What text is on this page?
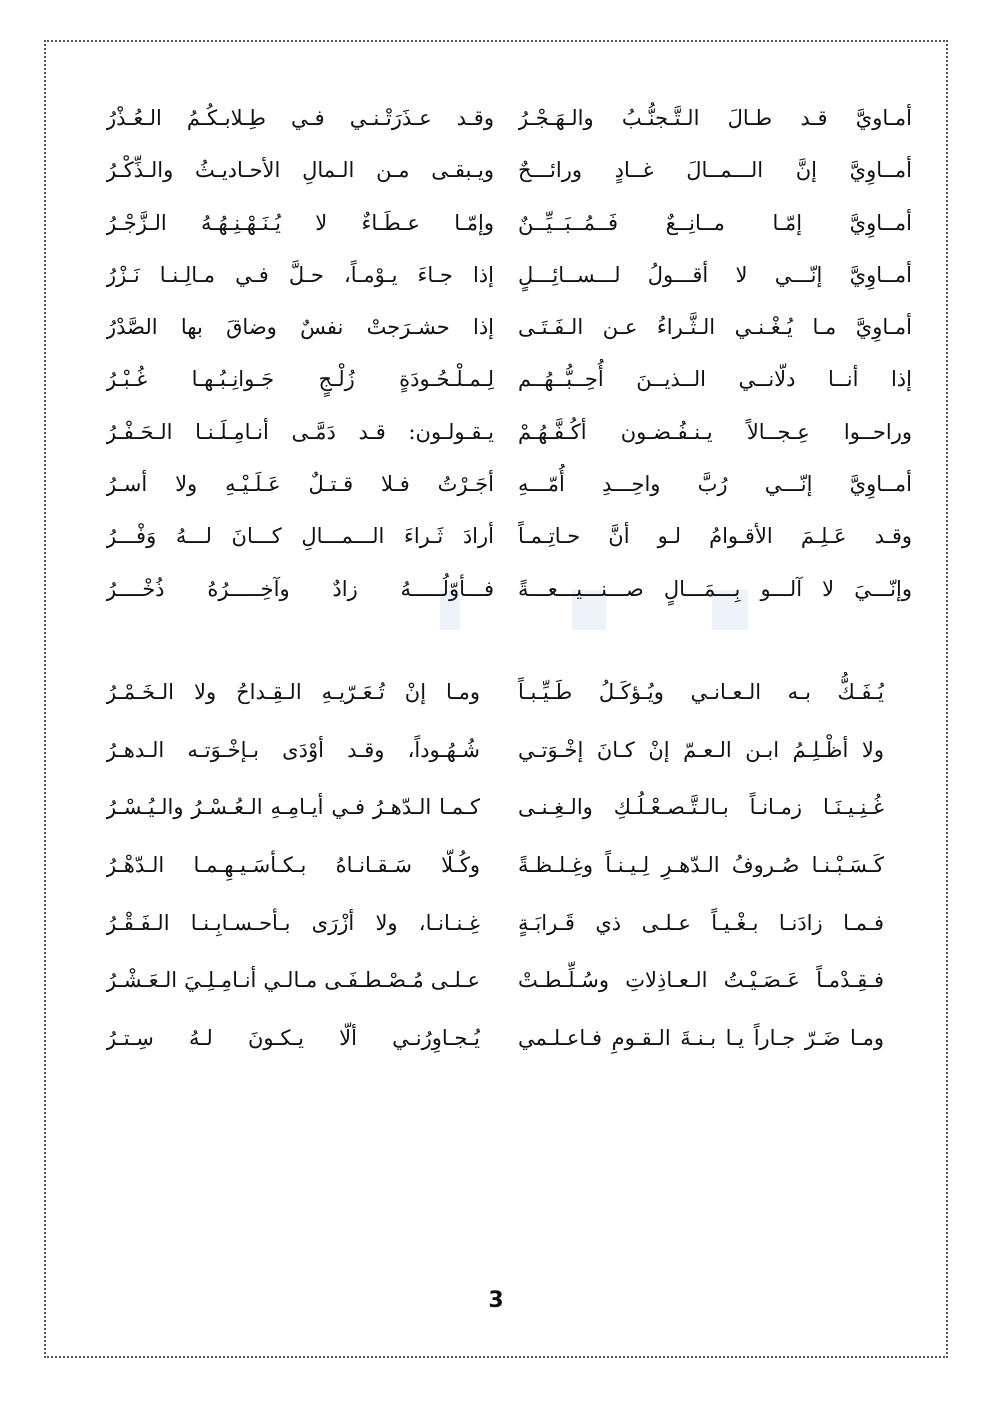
أمـاويَّ قـد طـالَ الـتَّـجنُّـبُ والـهَـجْـرُ
وقـد عـذَرَتْـنـي فـي طِـلابـكُـمُ الـعُـذْرُ
أمــاوِيَّ إنَّ الـــمــالَ غــادٍ ورائـــحٌ
ويـبقـى مـن الـمالِ الأحـاديـثُ والـذِّكْـرُ
أمــاوِيَّ إمّـا مــانِــعٌ فَــمُــبَــيِّــنٌ
وإمّـا عـطَـاءٌ لا يُـنَـهْـنِـهُـهُ الـزَّجْـرُ
أمــاوِيَّ إنّـــي لا أقـــولُ لـــســائِـــلٍ
إذا جـاءَ يـوْمـاً، حـلَّ فـي مـالِـنـا نَـزْرُ
أمـاوِيَّ مـا يُـغْـنـي الـثَّـراءُ عـن الـفَـتَـى
إذا حشـرَجتْ نفسٌ وضاقَ بها الصَّدْرُ
إذا أنــا دلّانــي الــذيــنَ أُحِــبُّــهُــم
لِـمـلْـحُـودَةٍ زُلْـجٍ جَـوانِـبُـهـا غُـبْـرُ
وراحــوا عِـجــالاً يـنـفُـضـون أكُـفَّـهُـمْ
يـقـولـون: قـد دَمَّـى أنـامِـلَـنـا الـحَـفْـرُ
أمــاوِيَّ إنّـــي رُبَّ واحِـــدِ أُمّـــهِ
أجَـرْتُ فـلا قـتـلٌ عَـلَـيْـهِ ولا أسـرُ
وقـد عَـلِـمَ الأقـوامُ لـو أنَّ حـاتِـمـاً
أرادَ ثَـراءَ الـــمـــالِ كـــانَ لـــهُ وَفْـــرُ
وإنّـــيَ لا آلـــو بِـــمَـــالٍ صـــنـــيـــعـــةً
فـــأوّلُـــــهُ زادٌ وآخِـــــرُهُ ذُخْــــرُ
يُـفَـكُّ بـه الـعـانـي ويُـؤكَـلُ طَـيِّـبـاً
ومـا إنْ تُـعَـرّيـهِ الـقِـداحُ ولا الـخَـمْـرُ
ولا أظْـلِـمُ ابـن الـعـمّ إنْ كـانَ إخْـوَتـي
شُـهُـوداً، وقـد أوْدَى بـإخْـوَتـه الـدهـرُ
غُـنِـيـنَـا زمـانـاً بـالـتَّـصـعْـلُـكِ والـغِـنـى
كـمـا الـدّهـرُ فـي أيـامِـهِ الـعُـسْـرُ والـيُـسْـرُ
كَـسَـبْـنـا صُـروفُ الـدّهـرِ لِـيـنـاً وغِـلـظـةً
وكُـلّا سَـقـانـاهُ بـكـأسَـيـهِـمـا الـدّهْـرُ
فـمـا زادَنـا بـغْـيـاً عـلـى ذي قَـرابَـةٍ
غِـنـانـا، ولا أزْرَى بـأحـسـابِـنـا الـفَـقْـرُ
فـقِـدْمـاً عَـصَـيْـتُ الـعـاذِلاتِ وسُـلِّـطـتْ
عـلـى مُـصْـطـفَـى مـالـي أنـامِـلِـيَ الـعَـشْـرُ
ومـا ضَـرّ جـاراً يـا بـنـةَ الـقـومِ فـاعـلـمي
يُـجـاوِرُنـي ألّا يـكـونَ لـهُ سِـتـرُ
3
